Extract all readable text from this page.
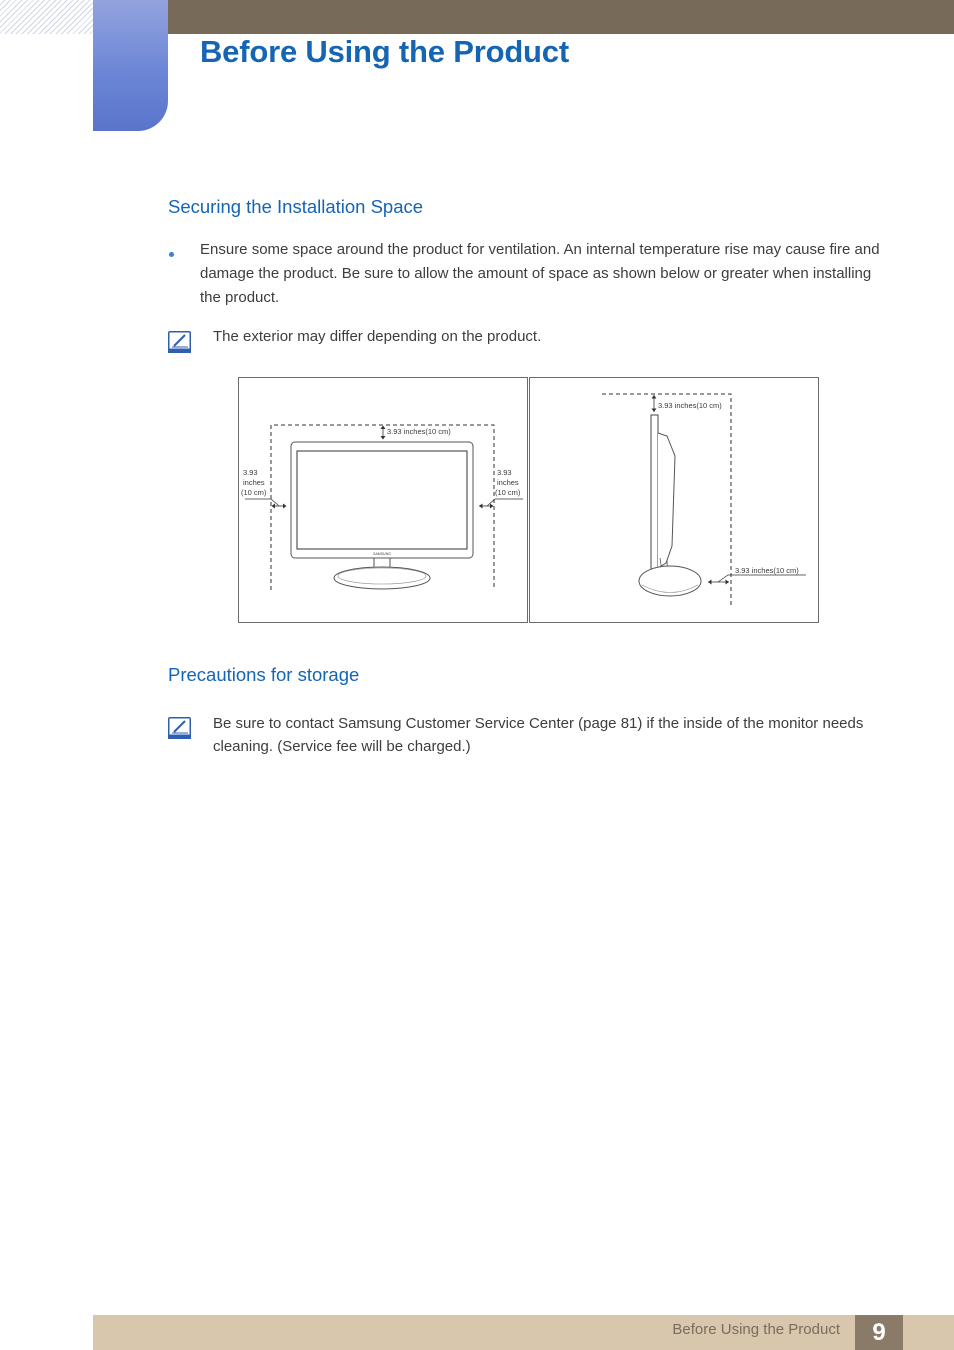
Before Using the Product
Securing the Installation Space

Ensure some space around the product for ventilation. An internal temperature rise may cause fire and damage the product. Be sure to allow the amount of space as shown below or greater when installing the product.

The exterior may differ depending on the product.

SAMSUNG
3.93 inches(10 cm)
3.93
inches
(10 cm)
3.93
inches
(10 cm)
3.93 inches(10 cm)
3.93 inches(10 cm)
Precautions for storage

Be sure to contact Samsung Customer Service Center (page 81) if the inside of the monitor needs cleaning. (Service fee will be charged.)

Before Using the Product	9
